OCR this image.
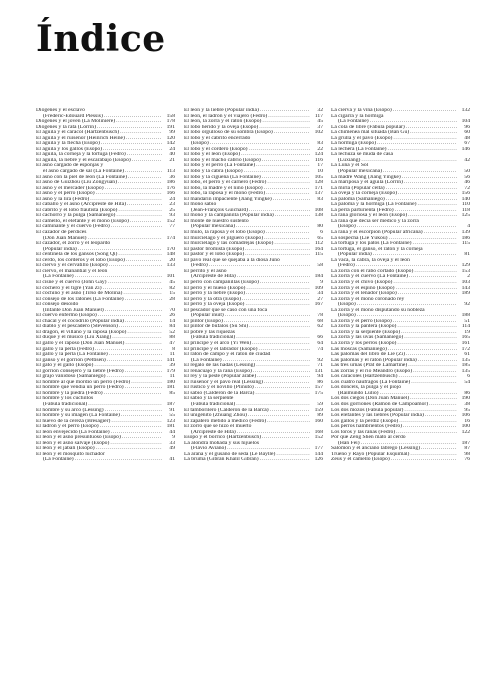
Índice
Diógenes y el esclavo
(Frédéric-Édouard Plessis) .....	158
Diógenes y el joven (La Molinière) .....	178
Diógenes y la rata (Lorrin) .....	191
El águila y el caracol (Hartzenbusch) .....	99
El águila y el ruiseñor (Heinrich Heine) .....	120
El águila y la flecha (Esopo) .....	142
El águila y los gallos (Esopo) .....	24
El águila, la corneja y la tortuga (Fedro) .....	40
El águila, la liebre y el escarabajo (Esopo) .....	21
El asno cargado de esponjas y
el asno cargado de sal (La Fontaine) .....	113
El asno con la piel de león (La Fontaine) .....	36
El asno de Guizhou (Liu Zongyuan) .....	186
El asno y el mercader (Esopo) .....	176
El asno y el perro (Esopo) .....	166
El asno y la lira (Fedro) .....	24
El caballo y el asno (Arcipreste de Hita) .....	23
El cabrito y el lobo flautista (Esopo) .....	25
El cachorro y la pulga (Samaniego) .....	93
El camello, el elefante y el mono (Esopo) .....	152
El caminante y el cuervo (Fedro) .....	77
El cazador de perdices
(Don Juan Manuel) .....	174
El cazador, el zorro y el leopardo
(Popular india) .....	170
El centinela de los gansos (Song Qi) .....	148
El cerdo, los corderos y el lobo (Esopo) .....	20
El ciervo y el cervatillo (Esopo) .....	133
El ciervo, el manantial y el león
(La Fontaine) .....	101
El cisne y el cuervo (John Gay) .....	45
El cochero y el tigre (Yan Zi) .....	82
El cochino y el asno (Tirso de Molina) .....	15
El consejo de los ratones (La Fontaine) .....	28
El consejo desoído
(Infante Don Juan Manuel) .....	70
El cuervo enfermo (Esopo) .....	26
El chacal y el cocodrilo (Popular india) .....	14
El diablo y el pescadero (Stevenson) .....	84
El dragón, el villano y la raposa (Esopo) .....	52
El duque y el músico (Liu Xiang) .....	88
El gallo y el raposo (Don Juan Manuel) .....	47
El gallo y la perla (Fedro) .....	8
El gallo y la perla (La Fontaine) .....	11
El ganso y el gorrión (Pettisen) .....	141
El gato y el gallo (Esopo) .....	39
El gorrión consejero y la liebre (Fedro) .....	179
El grajo vanidoso (Samaniego) .....	11
El hombre al que mordió un perro (Fedro) .....	180
El hombre que vendía un perro (Fedro) .....	181
El hombre y la piedra (Fedro) .....	85
El hombre y los cuchillos
(Fábula tradicional) .....	187
El hombre y su arco (Lessing) .....	91
El hombre y su imagen (La Fontaine) .....	55
El huevo de la cereza (Bresagier) .....	123
El ladrón y el perro (Esopo) .....	181
El león envejecido (La Fontaine) .....	44
El león y el asno presuntuoso (Esopo) .....	9
El león y el asno salvaje (Esopo) .....	33
El león y el jabalí (Esopo) .....	49
El león y el mosquito luchador
(La Fontaine) .....	41
El león y la liebre (Popular india) .....	32
El león, el ladrón y el viajero (Fedro) .....	117
El león, la zorra y el ratón (Esopo) .....	45
El lobo herido y la oveja (Esopo) .....	37
El lobo orgulloso de su sombra (Esopo) .....	102
El lobo y el cabrito encerrado
(Esopo) .....	83
El lobo y el cordero (Esopo) .....	22
El lobo y el león (Esopo) .....	124
El lobo y el macho cabrío (Esopo) .....	116
El lobo y el perro (La Fontaine) .....	17
El lobo y la cabra (Esopo) .....	10
El lobo y la cigüeña (La Fontaine) .....	105
El lobo, el perro y el carnero (Fedro) .....	128
El lobo, la madre y el niño (Esopo) .....	171
El lobo, la raposa y el mono (Fedro) .....	137
El mandarín impaciente (Jiang Yingke) .....	83
El mono sabio
(Jean-François Guichard) .....	108
El mono y la campanilla (Popular india) .....	138
El monte de nuestro sustento
(Popular mexicana) .....	80
El mulo, la raposa y el lobo (Esopo) .....	6
El murciélago y el jilguero (Esopo) .....	65
El murciélago y las comadrejas (Esopo) .....	112
El pastor bromista (Esopo) .....	164
El pastor y el lobo (Esopo) .....	115
El pavo real que se quejaba a la diosa Juno
(Fedro) .....	58
El perrito y el asno
(Arcipreste de Hita) .....	184
El perro con campanillas (Esopo) .....	9
El perro y el hueso (Esopo) .....	109
El perro y la liebre (Esopo) .....	34
El perro y la otra (Esopo) .....	27
El perro y la oveja (Esopo) .....	167
El pescador que se casó con una foca
(Popular inuit) .....	78
El pintor (Esopo) .....	68
El pintor de búfalos (Su Shi) .....	62
El pobre y las riquezas
(Fábula tradicional) .....	66
El príncipe y el arco (Yi Wen) .....	64
El príncipe y el labrador (Esopo) .....	74
El ratón de campo y el ratón de ciudad
(La Fontaine) .....	92
El regalo de las hadas (Lessing) .....	71
El renacuajo y la rana (Esopo) .....	131
El rey y la peste (Popular árabe) .....	94
El ruiseñor y el pavo real (Lessing) .....	86
El rústico y el novillo (Plinuto) .....	157
El sabio (Calderón de la Barca) .....	175
El sabio y la serpiente
(Fábula tradicional) .....	59
El tamborilero (Calderón de la Barca) .....	159
El unigénito (Zhuang Zhou) .....	89
El zapatero metido a médico (Fedro) .....	160
El zorro que se hizo el muerto
(Arcipreste de Hita) .....	168
Esopo y el borrico (Hartzenbusch) .....	152
La alondra mohada y sus hijuelos
(Flavio Aviano) .....	177
La araña y el gusano de seda (Le Baylle) .....	144
La bruma (Gibran Khalil Gibran) .....	126
La cierva y la viña (Esopo) .....	132
La cigarra y la hormiga
(La Fontaine) .....	104
La cola de libre (Fábula popular) .....	96
La chimenea mal situada (Ban Gu) .....	60
La grulla y el pavo (Esopo) .....	48
La hormiga (Esopo) .....	67
La lechera (La Fontaine) .....	146
La lechuza se muda de casa
(Luxiang) .....	42
La Luna y el Sol
(Popular mexicana) .....	50
La madre Wang (Jiang Yingke) .....	56
La mariposa y el águila (Lorrin) .....	46
La mirla (Popular celta) .....	72
La oveja y la corneja (Esopo) .....	156
La paloma (Samaniego) .....	140
La paloma y la hormiga (La Fontaine) .....	110
La perra parturienta (Fedro) .....	118
La rana gloriosa y el león (Esopo) .....	125
La rana que decía ser médico y la zorra
(Esopo) .....	4
La rana y el escorpión (Popular africana) .....	139
La sospecha (Lie Yükou) .....	186
La tortuga y los patos (La Fontaine) .....	115
La tortuga, el ganso, el ratón y la corneja
(Popular india) .....	81
La vaca, la cabra, la oveja y el león
(Fedro) .....	129
La zorra con el rabo cortado (Esopo) .....	153
La zorra y el cuervo (La Fontaine) .....	2
La zorra y el chivo (Esopo) .....	103
La zorra y el espino (Esopo) .....	143
La zorra y el leñador (Esopo) .....	189
La zorra y el mono coronado rey
(Esopo) .....	92
La zorra y el mono disputando su nobleza
(Esopo) .....	188
La zorra y el perro (Esopo) .....	51
La zorra y la pantera (Esopo) .....	114
La zorra y la serpiente (Esopo) .....	19
La zorra y las uvas (Samaniego) .....	165
La zorra y los perros (Esopo) .....	161
Las moscas (Samaniego) .....	172
Las palomas del libro de Lie (Zi) .....	61
Las palomas y el ratón (Popular india) .....	135
Las tres urnas (Prat de Lamartine) .....	185
Las zorras y el río Meandro (Esopo) .....	135
Los caracoles (Hartzenbusch) .....	6
Los cuatro náufragos (La Fontaine) .....	54
Los doncels, la pulga y el piojo
(Raimundo Lulio) .....	86
Los dos ciegos (Don Juan Manuel) .....	190
Los dos gorriones (Ramón de Campoamor) .....	38
Los dos mozos (Fábula popular) .....	95
Los elefantes y las liebres (Popular india) .....	106
Los gallos y la perdiz (Esopo) .....	16
Los perros hambrientos (Fedro) .....	100
Los toros y las ranas (Fedro) .....	122
Por qué Zeng Shen mató al cerdo
(Han Fei) .....	187
Salomón y el anciano labrego (Lessing) .....	87
Trueno y Rayo (Popular Esquimal) .....	98
Zeus y el camello (Esopo) .....	76
